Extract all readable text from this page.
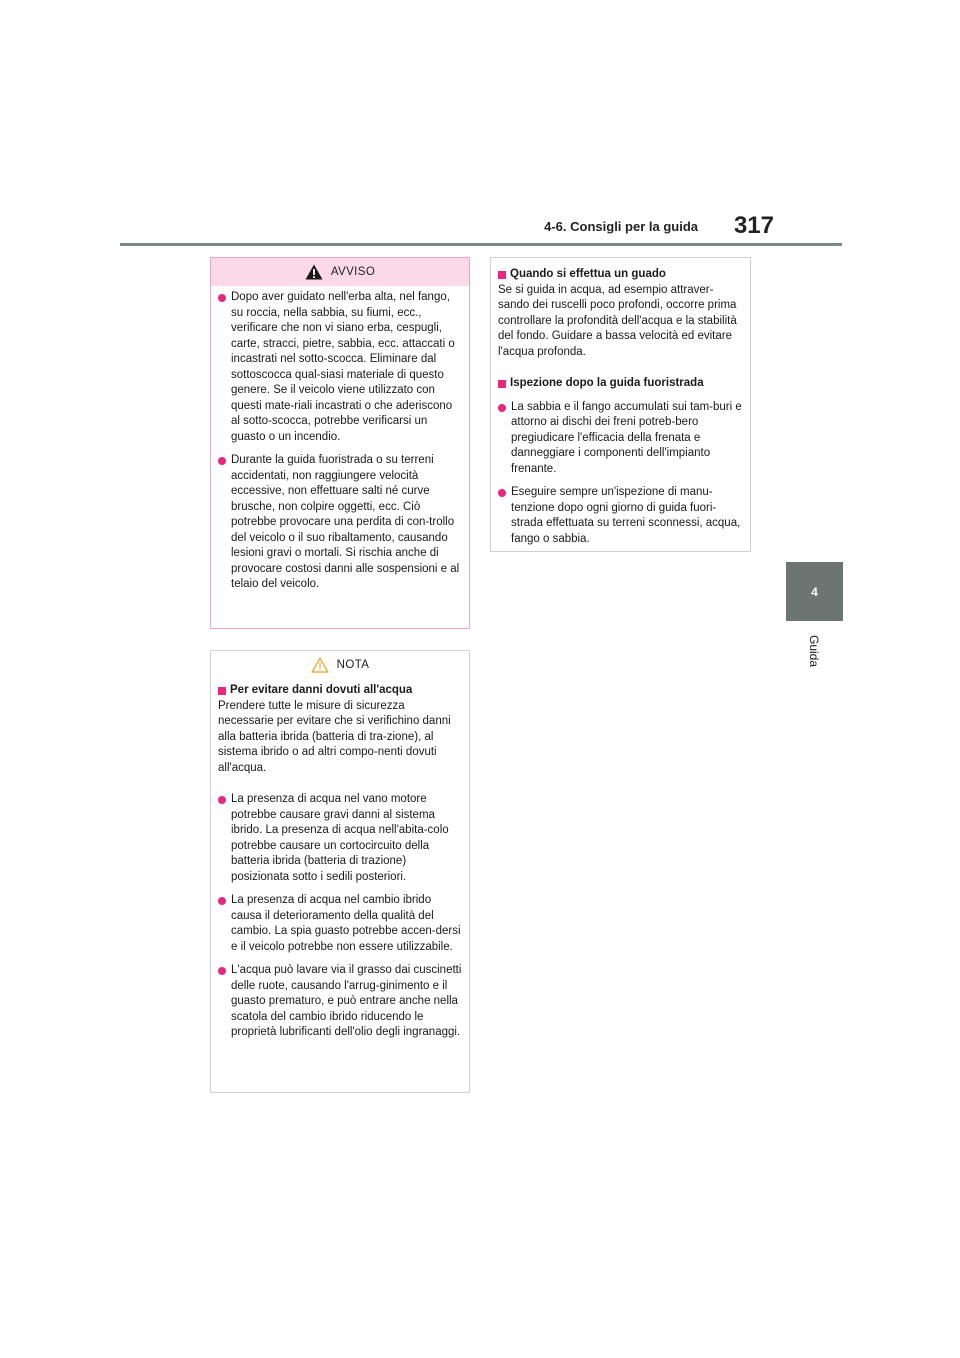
4-6. Consigli per la guida 317
4
Guida
AVVISO

Dopo aver guidato nell'erba alta, nel fango, su roccia, nella sabbia, su fiumi, ecc., verificare che non vi siano erba, cespugli, carte, stracci, pietre, sabbia, ecc. attaccati o incastrati nel sotto-scocca. Eliminare dal sottoscocca qual-siasi materiale di questo genere. Se il veicolo viene utilizzato con questi mate-riali incastrati o che aderiscono al sotto-scocca, potrebbe verificarsi un guasto o un incendio.

Durante la guida fuoristrada o su terreni accidentati, non raggiungere velocità eccessive, non effettuare salti né curve brusche, non colpire oggetti, ecc. Ciò potrebbe provocare una perdita di con-trollo del veicolo o il suo ribaltamento, causando lesioni gravi o mortali. Si rischia anche di provocare costosi danni alle sospensioni e al telaio del veicolo.

NOTA

Per evitare danni dovuti all'acqua

Prendere tutte le misure di sicurezza necessarie per evitare che si verifichino danni alla batteria ibrida (batteria di tra-zione), al sistema ibrido o ad altri compo-nenti dovuti all'acqua.

La presenza di acqua nel vano motore potrebbe causare gravi danni al sistema ibrido. La presenza di acqua nell'abita-colo potrebbe causare un cortocircuito della batteria ibrida (batteria di trazione) posizionata sotto i sedili posteriori.

La presenza di acqua nel cambio ibrido causa il deterioramento della qualità del cambio. La spia guasto potrebbe accen-dersi e il veicolo potrebbe non essere utilizzabile.

L'acqua può lavare via il grasso dai cuscinetti delle ruote, causando l'arrug-ginimento e il guasto prematuro, e può entrare anche nella scatola del cambio ibrido riducendo le proprietà lubrificanti dell'olio degli ingranaggi.

Quando si effettua un guado

Se si guida in acqua, ad esempio attraver-sando dei ruscelli poco profondi, occorre prima controllare la profondità dell'acqua e la stabilità del fondo. Guidare a bassa velocità ed evitare l'acqua profonda.

Ispezione dopo la guida fuoristrada

La sabbia e il fango accumulati sui tam-buri e attorno ai dischi dei freni potreb-bero pregiudicare l'efficacia della frenata e danneggiare i componenti dell'impianto frenante.

Eseguire sempre un'ispezione di manu-tenzione dopo ogni giorno di guida fuori-strada effettuata su terreni sconnessi, acqua, fango o sabbia.
